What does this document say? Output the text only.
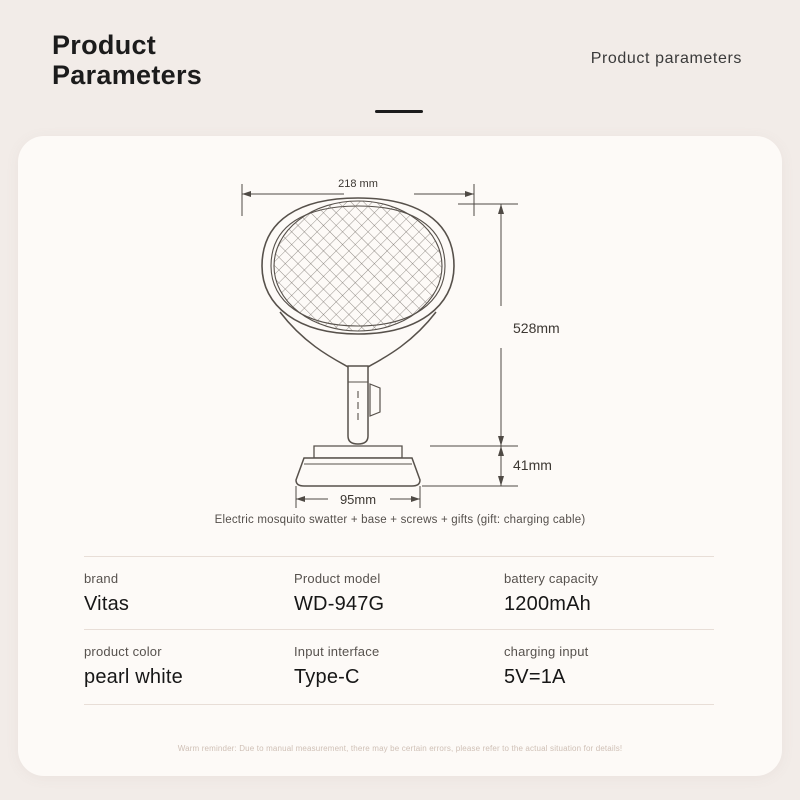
Product
Parameters
Product parameters
218 mm
528mm
41mm
95mm
Electric mosquito swatter + base + screws + gifts (gift: charging cable)
brand	Product model	battery capacity
Vitas	WD-947G	1200mAh
product color	Input interface	charging input
pearl white	Type-C	5V=1A
Warm reminder: Due to manual measurement, there may be certain errors, please refer to the actual situation for details!
